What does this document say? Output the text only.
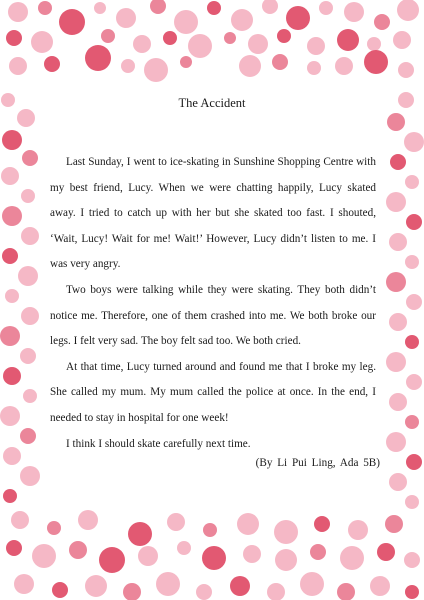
The Accident

Last Sunday, I went to ice-skating in Sunshine Shopping Centre with my best friend, Lucy. When we were chatting happily, Lucy skated away. I tried to catch up with her but she skated too fast. I shouted, ‘Wait, Lucy! Wait for me! Wait!’ However, Lucy didn’t listen to me. I was very angry.

Two boys were talking while they were skating. They both didn’t notice me. Therefore, one of them crashed into me. We both broke our legs. I felt very sad. The boy felt sad too. We both cried.

At that time, Lucy turned around and found me that I broke my leg. She called my mum. My mum called the police at once. In the end, I needed to stay in hospital for one week!

I think I should skate carefully next time.

(By Li Pui Ling, Ada 5B)
